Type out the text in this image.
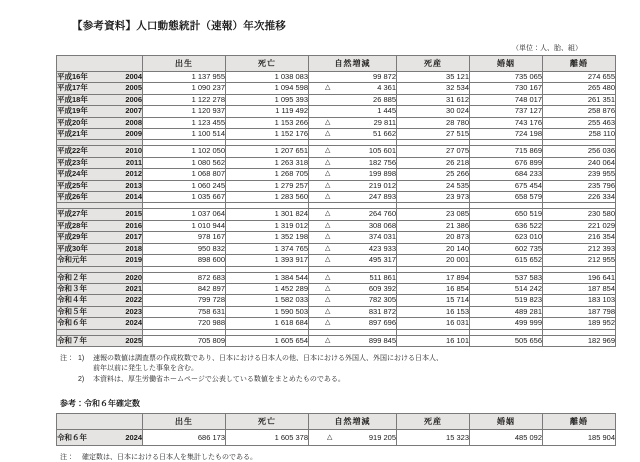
【参考資料】人口動態統計（速報）年次推移
（単位：人、胎、組）
	出生	死亡	自然増減	死産	婚姻	離婚
平成16年 2004	1 137 955	1 038 083	99 872	35 121	735 065	274 655
平成17年 2005	1 090 237	1 094 598	△ 4 361	32 534	730 167	265 480
平成18年 2006	1 122 278	1 095 393	26 885	31 612	748 017	261 351
平成19年 2007	1 120 937	1 119 492	1 445	30 024	737 127	258 876
平成20年 2008	1 123 455	1 153 266	△ 29 811	28 780	743 176	255 463
平成21年 2009	1 100 514	1 152 176	△ 51 662	27 515	724 198	258 110

平成22年 2010	1 102 050	1 207 651	△ 105 601	27 075	715 869	256 036
平成23年 2011	1 080 562	1 263 318	△ 182 756	26 218	676 899	240 064
平成24年 2012	1 068 807	1 268 705	△ 199 898	25 266	684 233	239 955
平成25年 2013	1 060 245	1 279 257	△ 219 012	24 535	675 454	235 796
平成26年 2014	1 035 667	1 283 560	△ 247 893	23 973	658 579	226 334

平成27年 2015	1 037 064	1 301 824	△ 264 760	23 085	650 519	230 580
平成28年 2016	1 010 944	1 319 012	△ 308 068	21 386	636 522	221 029
平成29年 2017	978 167	1 352 198	△ 374 031	20 873	623 010	216 354
平成30年 2018	950 832	1 374 765	△ 423 933	20 140	602 735	212 393
令和元年 2019	898 600	1 393 917	△ 495 317	20 001	615 652	212 955

令和２年 2020	872 683	1 384 544	△ 511 861	17 894	537 583	196 641
令和３年 2021	842 897	1 452 289	△ 609 392	16 854	514 242	187 854
令和４年 2022	799 728	1 582 033	△ 782 305	15 714	519 823	183 103
令和５年 2023	758 631	1 590 503	△ 831 872	16 153	489 281	187 798
令和６年 2024	720 988	1 618 684	△ 897 696	16 031	499 999	189 952

令和７年 2025	705 809	1 605 654	△ 899 845	16 101	505 656	182 969
注： 1)	速報の数値は調査票の作成枚数であり、日本における日本人の他、日本における外国人、外国における日本人、
前年以前に発生した事象を含む。
2)	本資料は、厚生労働省ホームページで公表している数値をまとめたものである。
参考：令和６年確定数
	出生	死亡	自然増減	死産	婚姻	離婚
令和６年 2024	686 173	1 605 378	△ 919 205	15 323	485 092	185 904
注：	確定数は、日本における日本人を集計したものである。
